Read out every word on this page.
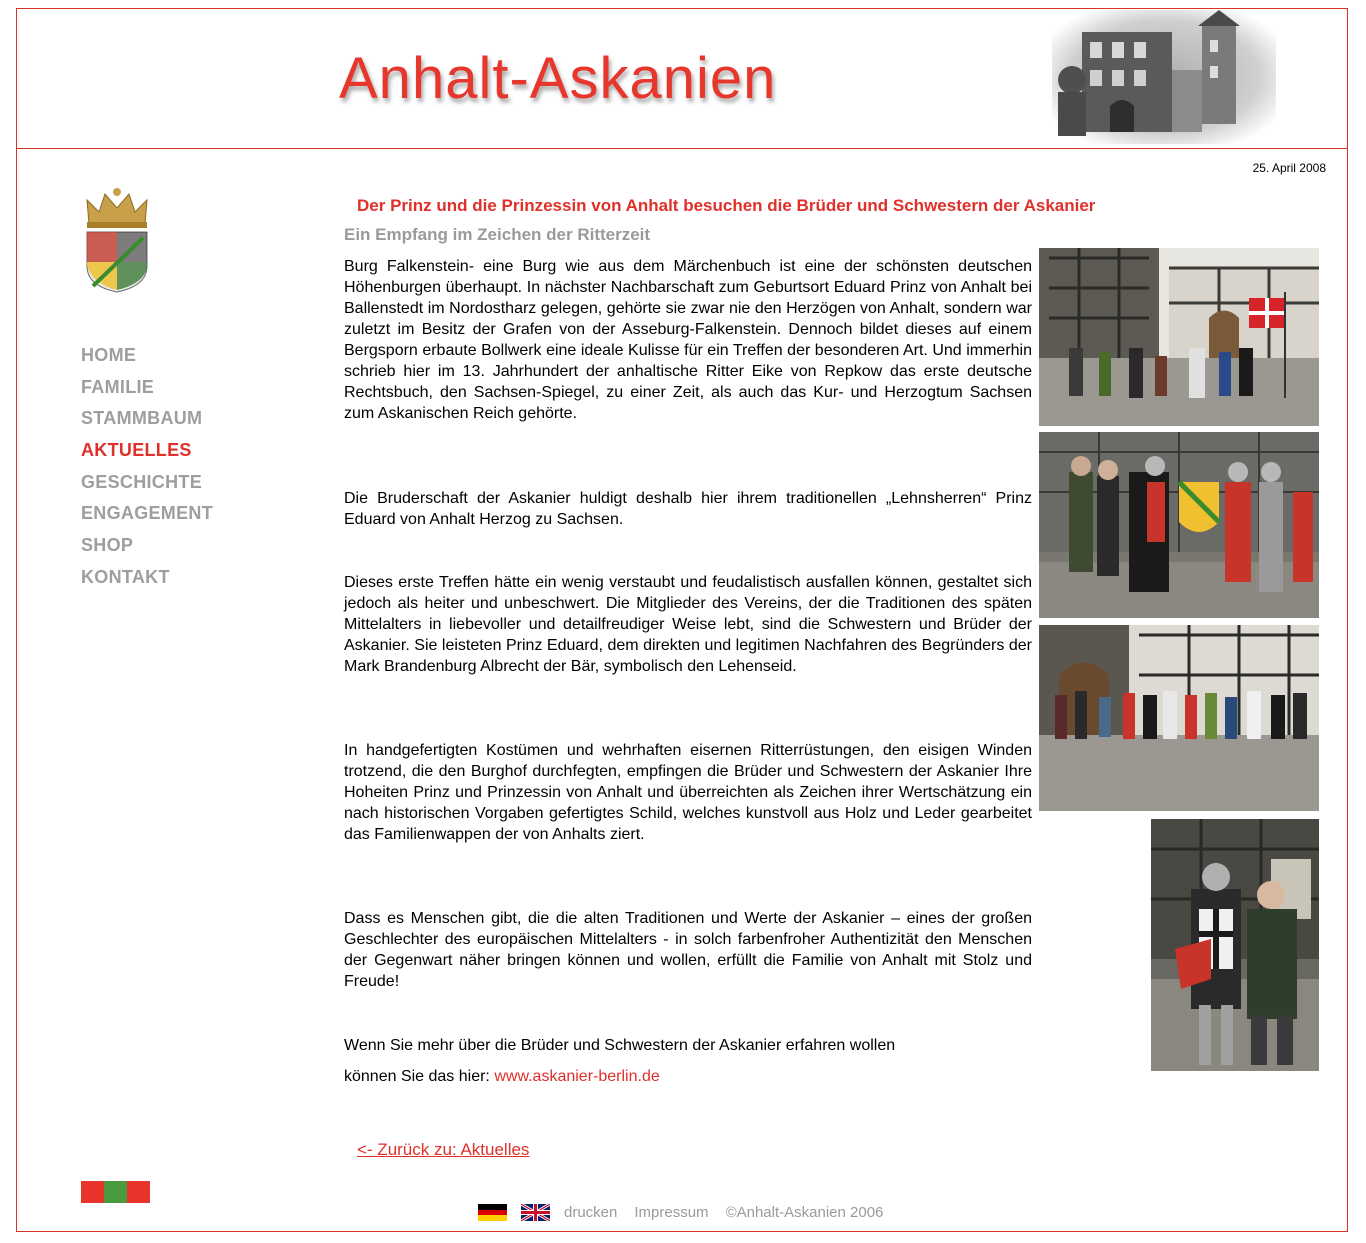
Anhalt-Askanien
25. April 2008
HOME
FAMILIE
STAMMBAUM
AKTUELLES
GESCHICHTE
ENGAGEMENT
SHOP
KONTAKT
Der Prinz und die Prinzessin von Anhalt besuchen die Brüder und Schwestern der Askanier
Ein Empfang im Zeichen der Ritterzeit

Burg Falkenstein- eine Burg wie aus dem Märchenbuch ist eine der schönsten deutschen Höhenburgen überhaupt. In nächster Nachbarschaft zum Geburtsort Eduard Prinz von Anhalt bei Ballenstedt im Nordostharz gelegen, gehörte sie zwar nie den Herzögen von Anhalt, sondern war zuletzt im Besitz der Grafen von der Asseburg-Falkenstein. Dennoch bildet dieses auf einem Bergsporn erbaute Bollwerk eine ideale Kulisse für ein Treffen der besonderen Art. Und immerhin schrieb hier im 13. Jahrhundert der anhaltische Ritter Eike von Repkow das erste deutsche Rechtsbuch, den Sachsen-Spiegel, zu einer Zeit, als auch das Kur- und Herzogtum Sachsen zum Askanischen Reich gehörte.

Die Bruderschaft der Askanier huldigt deshalb hier ihrem traditionellen „Lehnsherren“ Prinz Eduard von Anhalt Herzog zu Sachsen.

Dieses erste Treffen hätte ein wenig verstaubt und feudalistisch ausfallen können, gestaltet sich jedoch als heiter und unbeschwert. Die Mitglieder des Vereins, der die Traditionen des späten Mittelalters in liebevoller und detailfreudiger Weise lebt, sind die Schwestern und Brüder der Askanier. Sie leisteten Prinz Eduard, dem direkten und legitimen Nachfahren des Begründers der Mark Brandenburg Albrecht der Bär, symbolisch den Lehenseid.

In handgefertigten Kostümen und wehrhaften eisernen Ritterrüstungen, den eisigen Winden trotzend, die den Burghof durchfegten, empfingen die Brüder und Schwestern der Askanier Ihre Hoheiten Prinz und Prinzessin von Anhalt und überreichten als Zeichen ihrer Wertschätzung ein nach historischen Vorgaben gefertigtes Schild, welches kunstvoll aus Holz und Leder gearbeitet das Familienwappen der von Anhalts ziert.

Dass es Menschen gibt, die die alten Traditionen und Werte der Askanier – eines der großen Geschlechter des europäischen Mittelalters - in solch farbenfroher Authentizität den Menschen der Gegenwart näher bringen können und wollen, erfüllt die Familie von Anhalt mit Stolz und Freude!

Wenn Sie mehr über die Brüder und Schwestern der Askanier erfahren wollen
können Sie das hier: www.askanier-berlin.de
<- Zurück zu: Aktuelles
drucken Impressum ©Anhalt-Askanien 2006
